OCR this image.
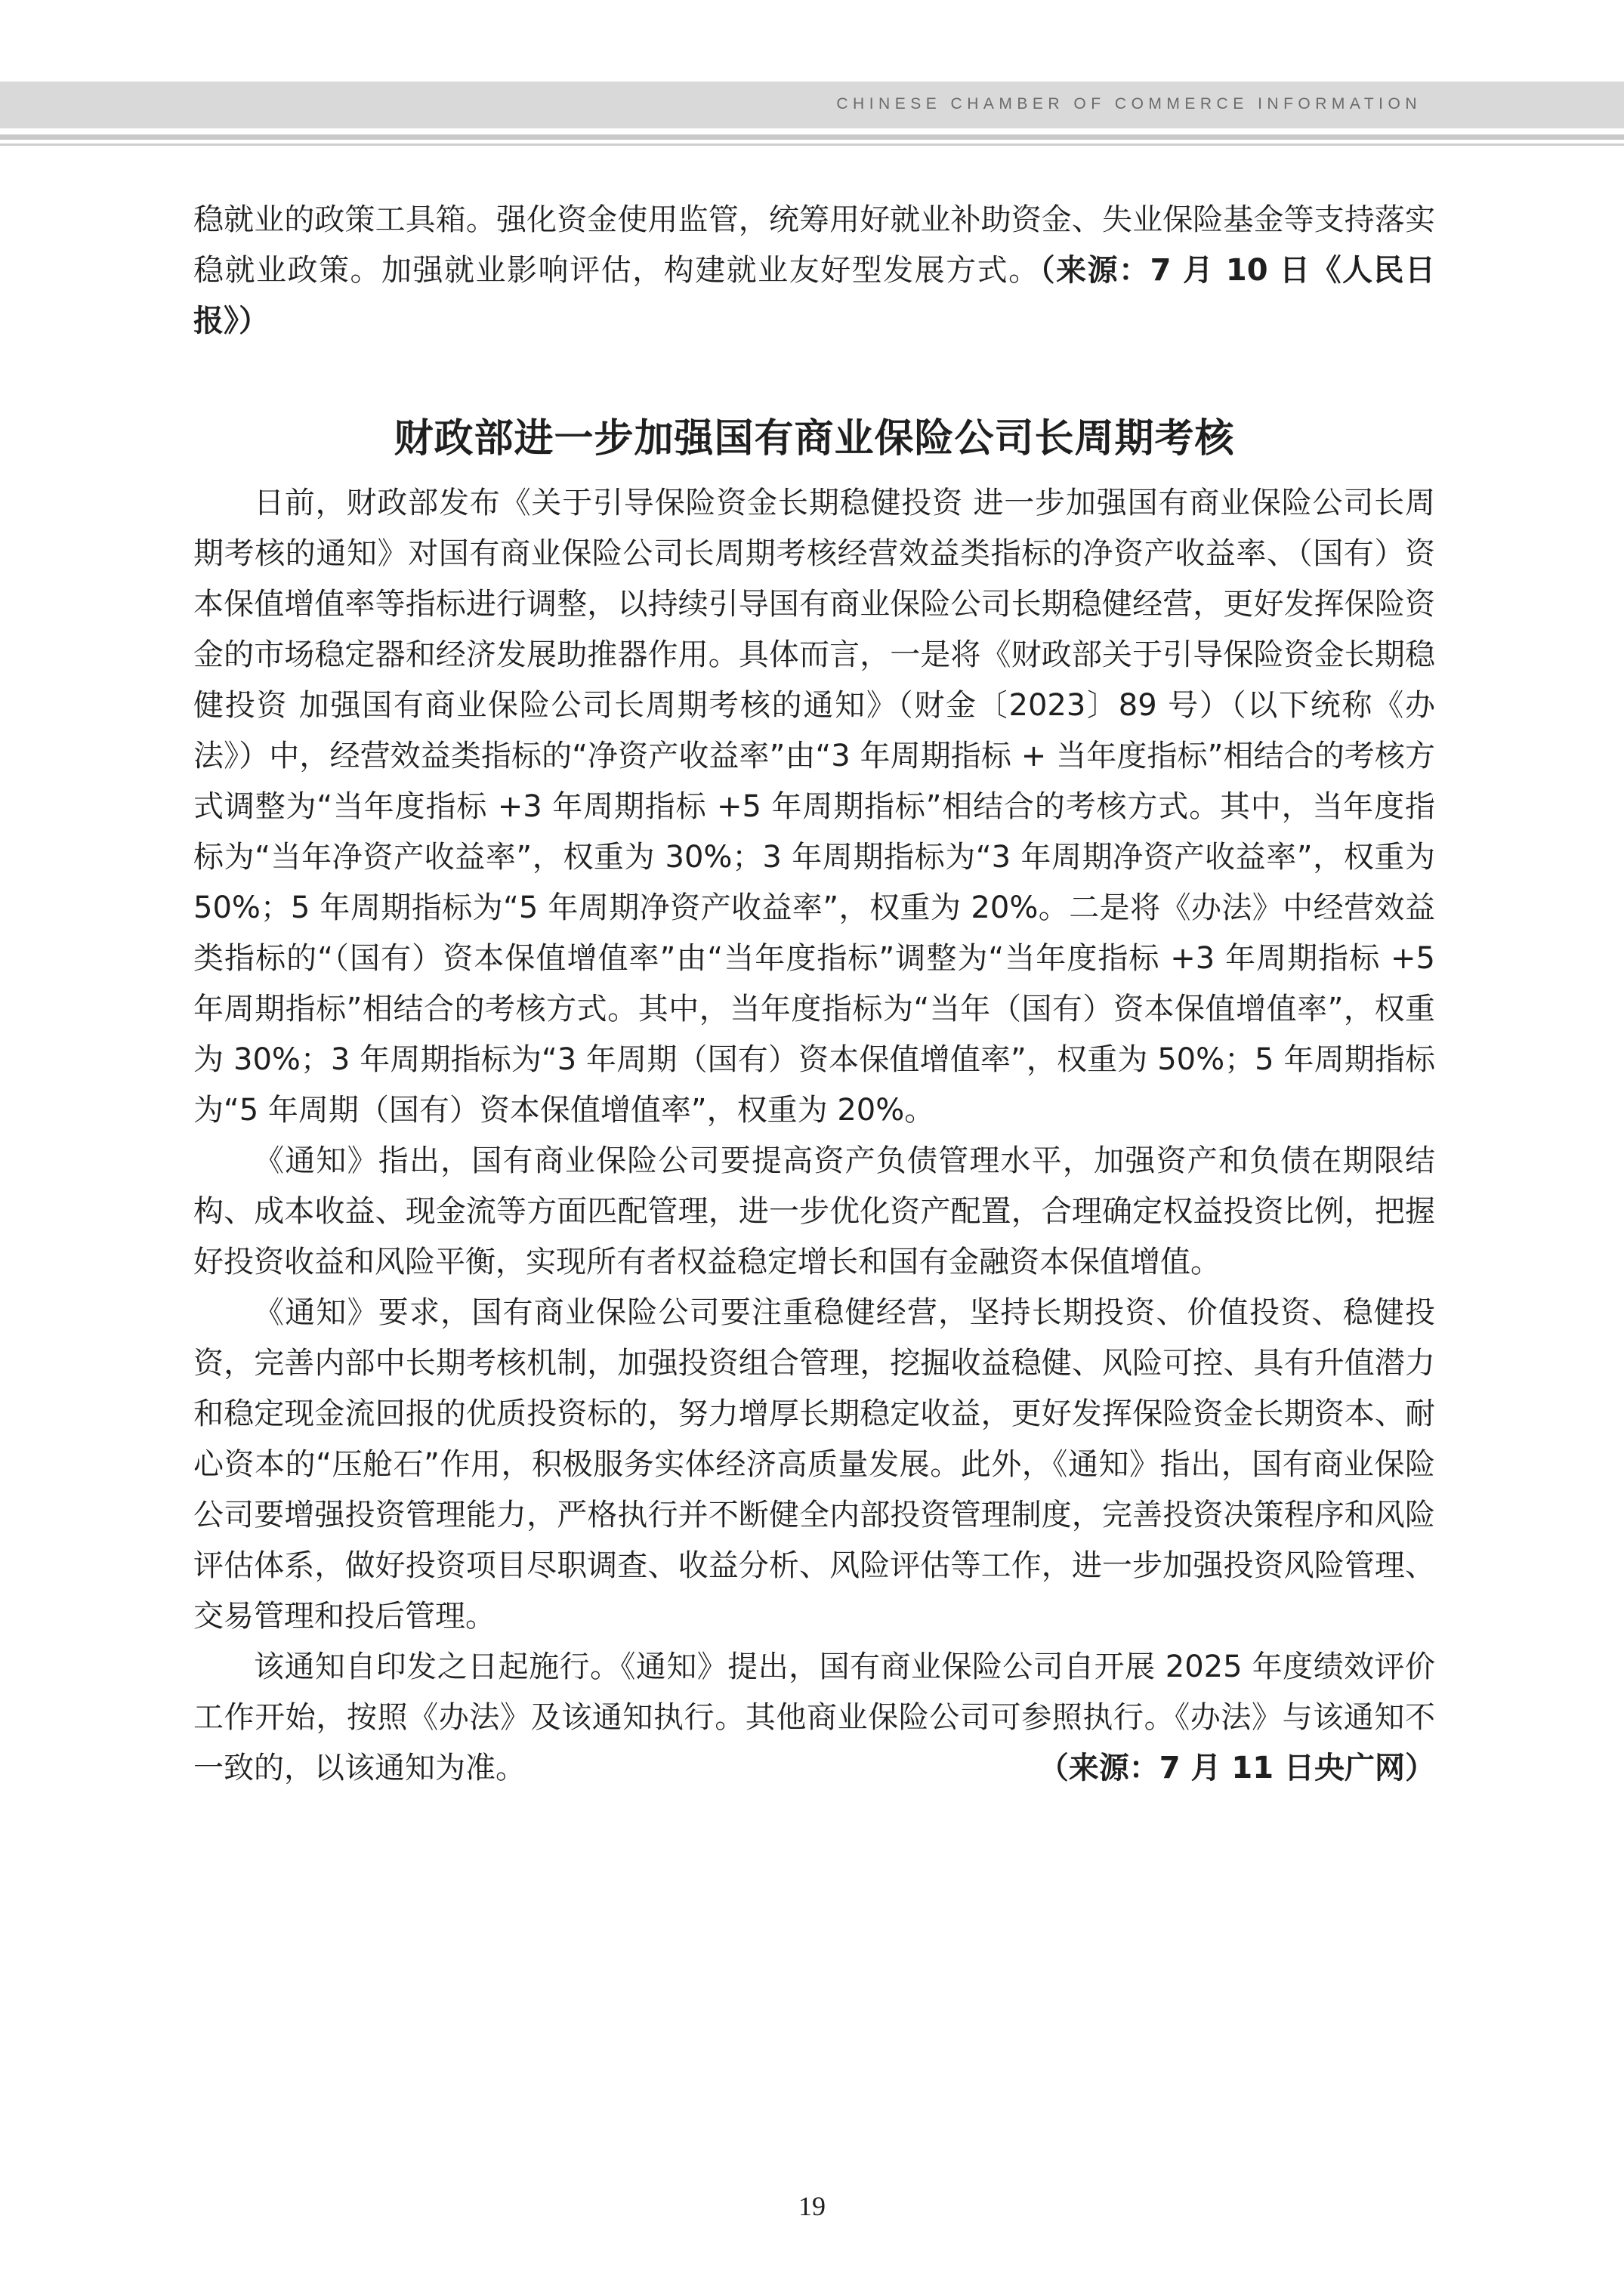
CHINESE CHAMBER OF COMMERCE INFORMATION

稳就业的政策工具箱。强化资金使用监管，统筹用好就业补助资金、失业保险基金等支持落实稳就业政策。加强就业影响评估，构建就业友好型发展方式。（来源：7 月 10 日《人民日报》）

财政部进一步加强国有商业保险公司长周期考核

日前，财政部发布《关于引导保险资金长期稳健投资 进一步加强国有商业保险公司长周期考核的通知》对国有商业保险公司长周期考核经营效益类指标的净资产收益率、（国有）资本保值增值率等指标进行调整，以持续引导国有商业保险公司长期稳健经营，更好发挥保险资金的市场稳定器和经济发展助推器作用。具体而言，一是将《财政部关于引导保险资金长期稳健投资 加强国有商业保险公司长周期考核的通知》（财金〔2023〕89 号）（以下统称《办法》）中，经营效益类指标的“净资产收益率”由“3 年周期指标 + 当年度指标”相结合的考核方式调整为“当年度指标 +3 年周期指标 +5 年周期指标”相结合的考核方式。其中，当年度指标为“当年净资产收益率”，权重为 30%；3 年周期指标为“3 年周期净资产收益率”，权重为 50%；5 年周期指标为“5 年周期净资产收益率”，权重为 20%。二是将《办法》中经营效益类指标的“（国有）资本保值增值率”由“当年度指标”调整为“当年度指标 +3 年周期指标 +5 年周期指标”相结合的考核方式。其中，当年度指标为“当年（国有）资本保值增值率”，权重为 30%；3 年周期指标为“3 年周期（国有）资本保值增值率”，权重为 50%；5 年周期指标为“5 年周期（国有）资本保值增值率”，权重为 20%。

《通知》指出，国有商业保险公司要提高资产负债管理水平，加强资产和负债在期限结构、成本收益、现金流等方面匹配管理，进一步优化资产配置，合理确定权益投资比例，把握好投资收益和风险平衡，实现所有者权益稳定增长和国有金融资本保值增值。

《通知》要求，国有商业保险公司要注重稳健经营，坚持长期投资、价值投资、稳健投资，完善内部中长期考核机制，加强投资组合管理，挖掘收益稳健、风险可控、具有升值潜力和稳定现金流回报的优质投资标的，努力增厚长期稳定收益，更好发挥保险资金长期资本、耐心资本的“压舱石”作用，积极服务实体经济高质量发展。此外，《通知》指出，国有商业保险公司要增强投资管理能力，严格执行并不断健全内部投资管理制度，完善投资决策程序和风险评估体系，做好投资项目尽职调查、收益分析、风险评估等工作，进一步加强投资风险管理、交易管理和投后管理。

该通知自印发之日起施行。《通知》提出，国有商业保险公司自开展 2025 年度绩效评价工作开始，按照《办法》及该通知执行。其他商业保险公司可参照执行。《办法》与该通知不一致的，以该通知为准。	（来源：7 月 11 日央广网）

19
